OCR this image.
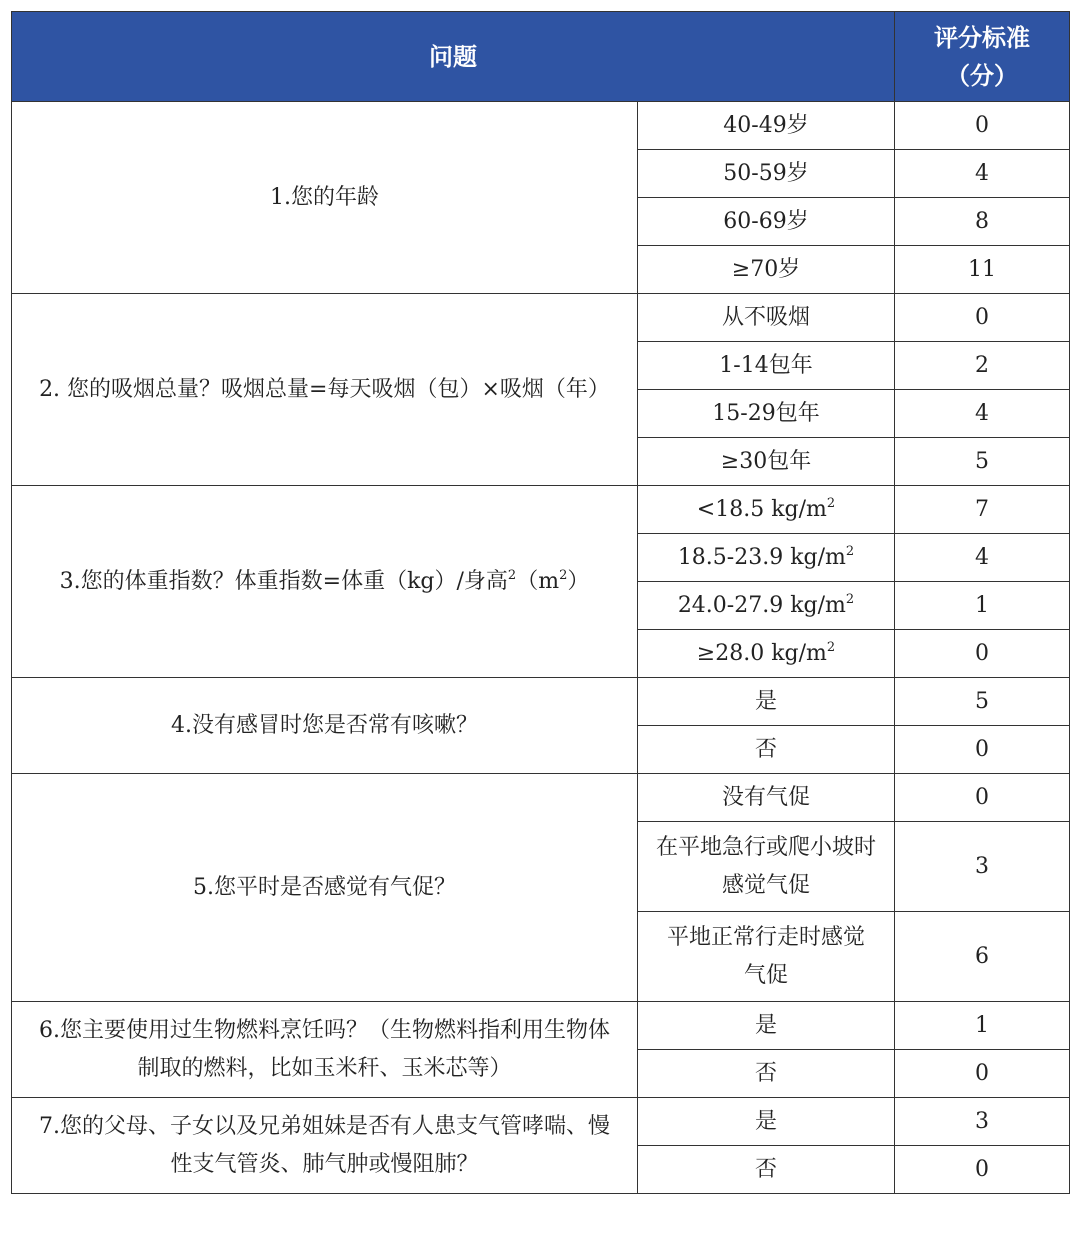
问题		评分标准
（分）
1.您的年龄	40-49岁	0
	50-59岁	4
	60-69岁	8
	≥70岁	11
2. 您的吸烟总量？吸烟总量=每天吸烟（包）×吸烟（年）	从不吸烟	0
	1-14包年	2
	15-29包年	4
	≥30包年	5
3.您的体重指数？体重指数=体重（kg）/身高$^2(m^2)$	<18.5 $kg/m^2$	7
	18.5-23.9 $kg/m^2$	4
	24.0-27.9 $kg/m^2$	1
	≥28.0 $kg/m^2$	0
4.没有感冒时您是否常有咳嗽？	是	5
	否	0
5.您平时是否感觉有气促？	没有气促	0
	在平地急行或爬小坡时
感觉气促	3
	平地正常行走时感觉
气促	6
6.您主要使用过生物燃料烹饪吗？（生物燃料指利用生物体
制取的燃料，比如玉米秆、玉米芯等）	是	1
	否	0
7.您的父母、子女以及兄弟姐妹是否有人患支气管哮喘、慢
性支气管炎、肺气肿或慢阻肺？	是	3
	否	0
